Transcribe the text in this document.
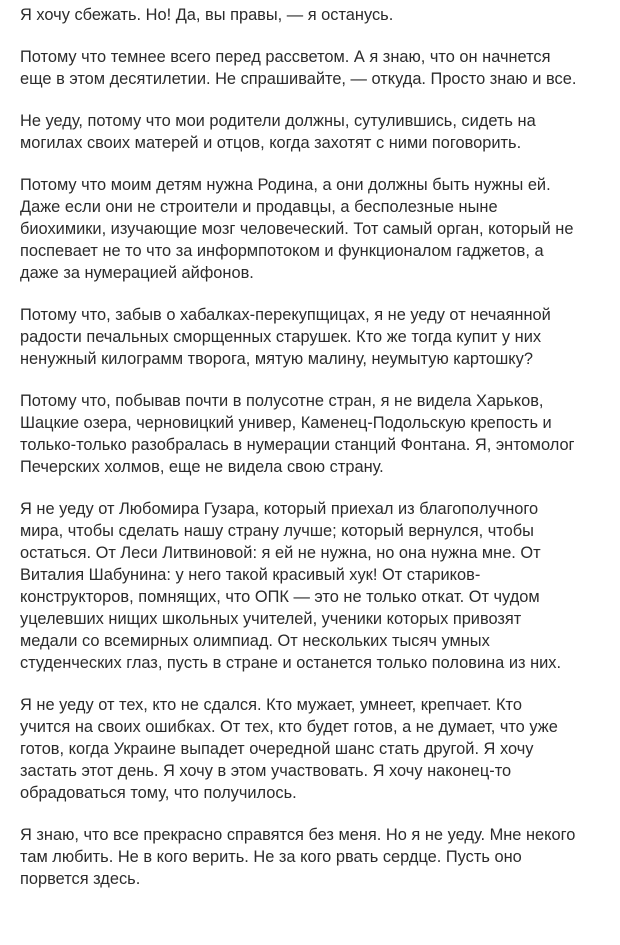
Я хочу сбежать. Но! Да, вы правы, — я останусь.

Потому что темнее всего перед рассветом. А я знаю, что он начнется
еще в этом десятилетии. Не спрашивайте, — откуда. Просто знаю и все.

Не уеду, потому что мои родители должны, сутулившись, сидеть на
могилах своих матерей и отцов, когда захотят с ними поговорить.

Потому что моим детям нужна Родина, а они должны быть нужны ей.
Даже если они не строители и продавцы, а бесполезные ныне
биохимики, изучающие мозг человеческий. Тот самый орган, который не
поспевает не то что за информпотоком и функционалом гаджетов, а
даже за нумерацией айфонов.

Потому что, забыв о хабалках-перекупщицах, я не уеду от нечаянной
радости печальных сморщенных старушек. Кто же тогда купит у них
ненужный килограмм творога, мятую малину, неумытую картошку?

Потому что, побывав почти в полусотне стран, я не видела Харьков,
Шацкие озера, черновицкий универ, Каменец-Подольскую крепость и
только-только разобралась в нумерации станций Фонтана. Я, энтомолог
Печерских холмов, еще не видела свою страну.

Я не уеду от Любомира Гузара, который приехал из благополучного
мира, чтобы сделать нашу страну лучше; который вернулся, чтобы
остаться. От Леси Литвиновой: я ей не нужна, но она нужна мне. От
Виталия Шабунина: у него такой красивый хук! От стариков-
конструкторов, помнящих, что ОПК — это не только откат. От чудом
уцелевших нищих школьных учителей, ученики которых привозят
медали со всемирных олимпиад. От нескольких тысяч умных
студенческих глаз, пусть в стране и останется только половина из них.

Я не уеду от тех, кто не сдался. Кто мужает, умнеет, крепчает. Кто
учится на своих ошибках. От тех, кто будет готов, а не думает, что уже
готов, когда Украине выпадет очередной шанс стать другой. Я хочу
застать этот день. Я хочу в этом участвовать. Я хочу наконец-то
обрадоваться тому, что получилось.

Я знаю, что все прекрасно справятся без меня. Но я не уеду. Мне некого
там любить. Не в кого верить. Не за кого рвать сердце. Пусть оно
порвется здесь.
